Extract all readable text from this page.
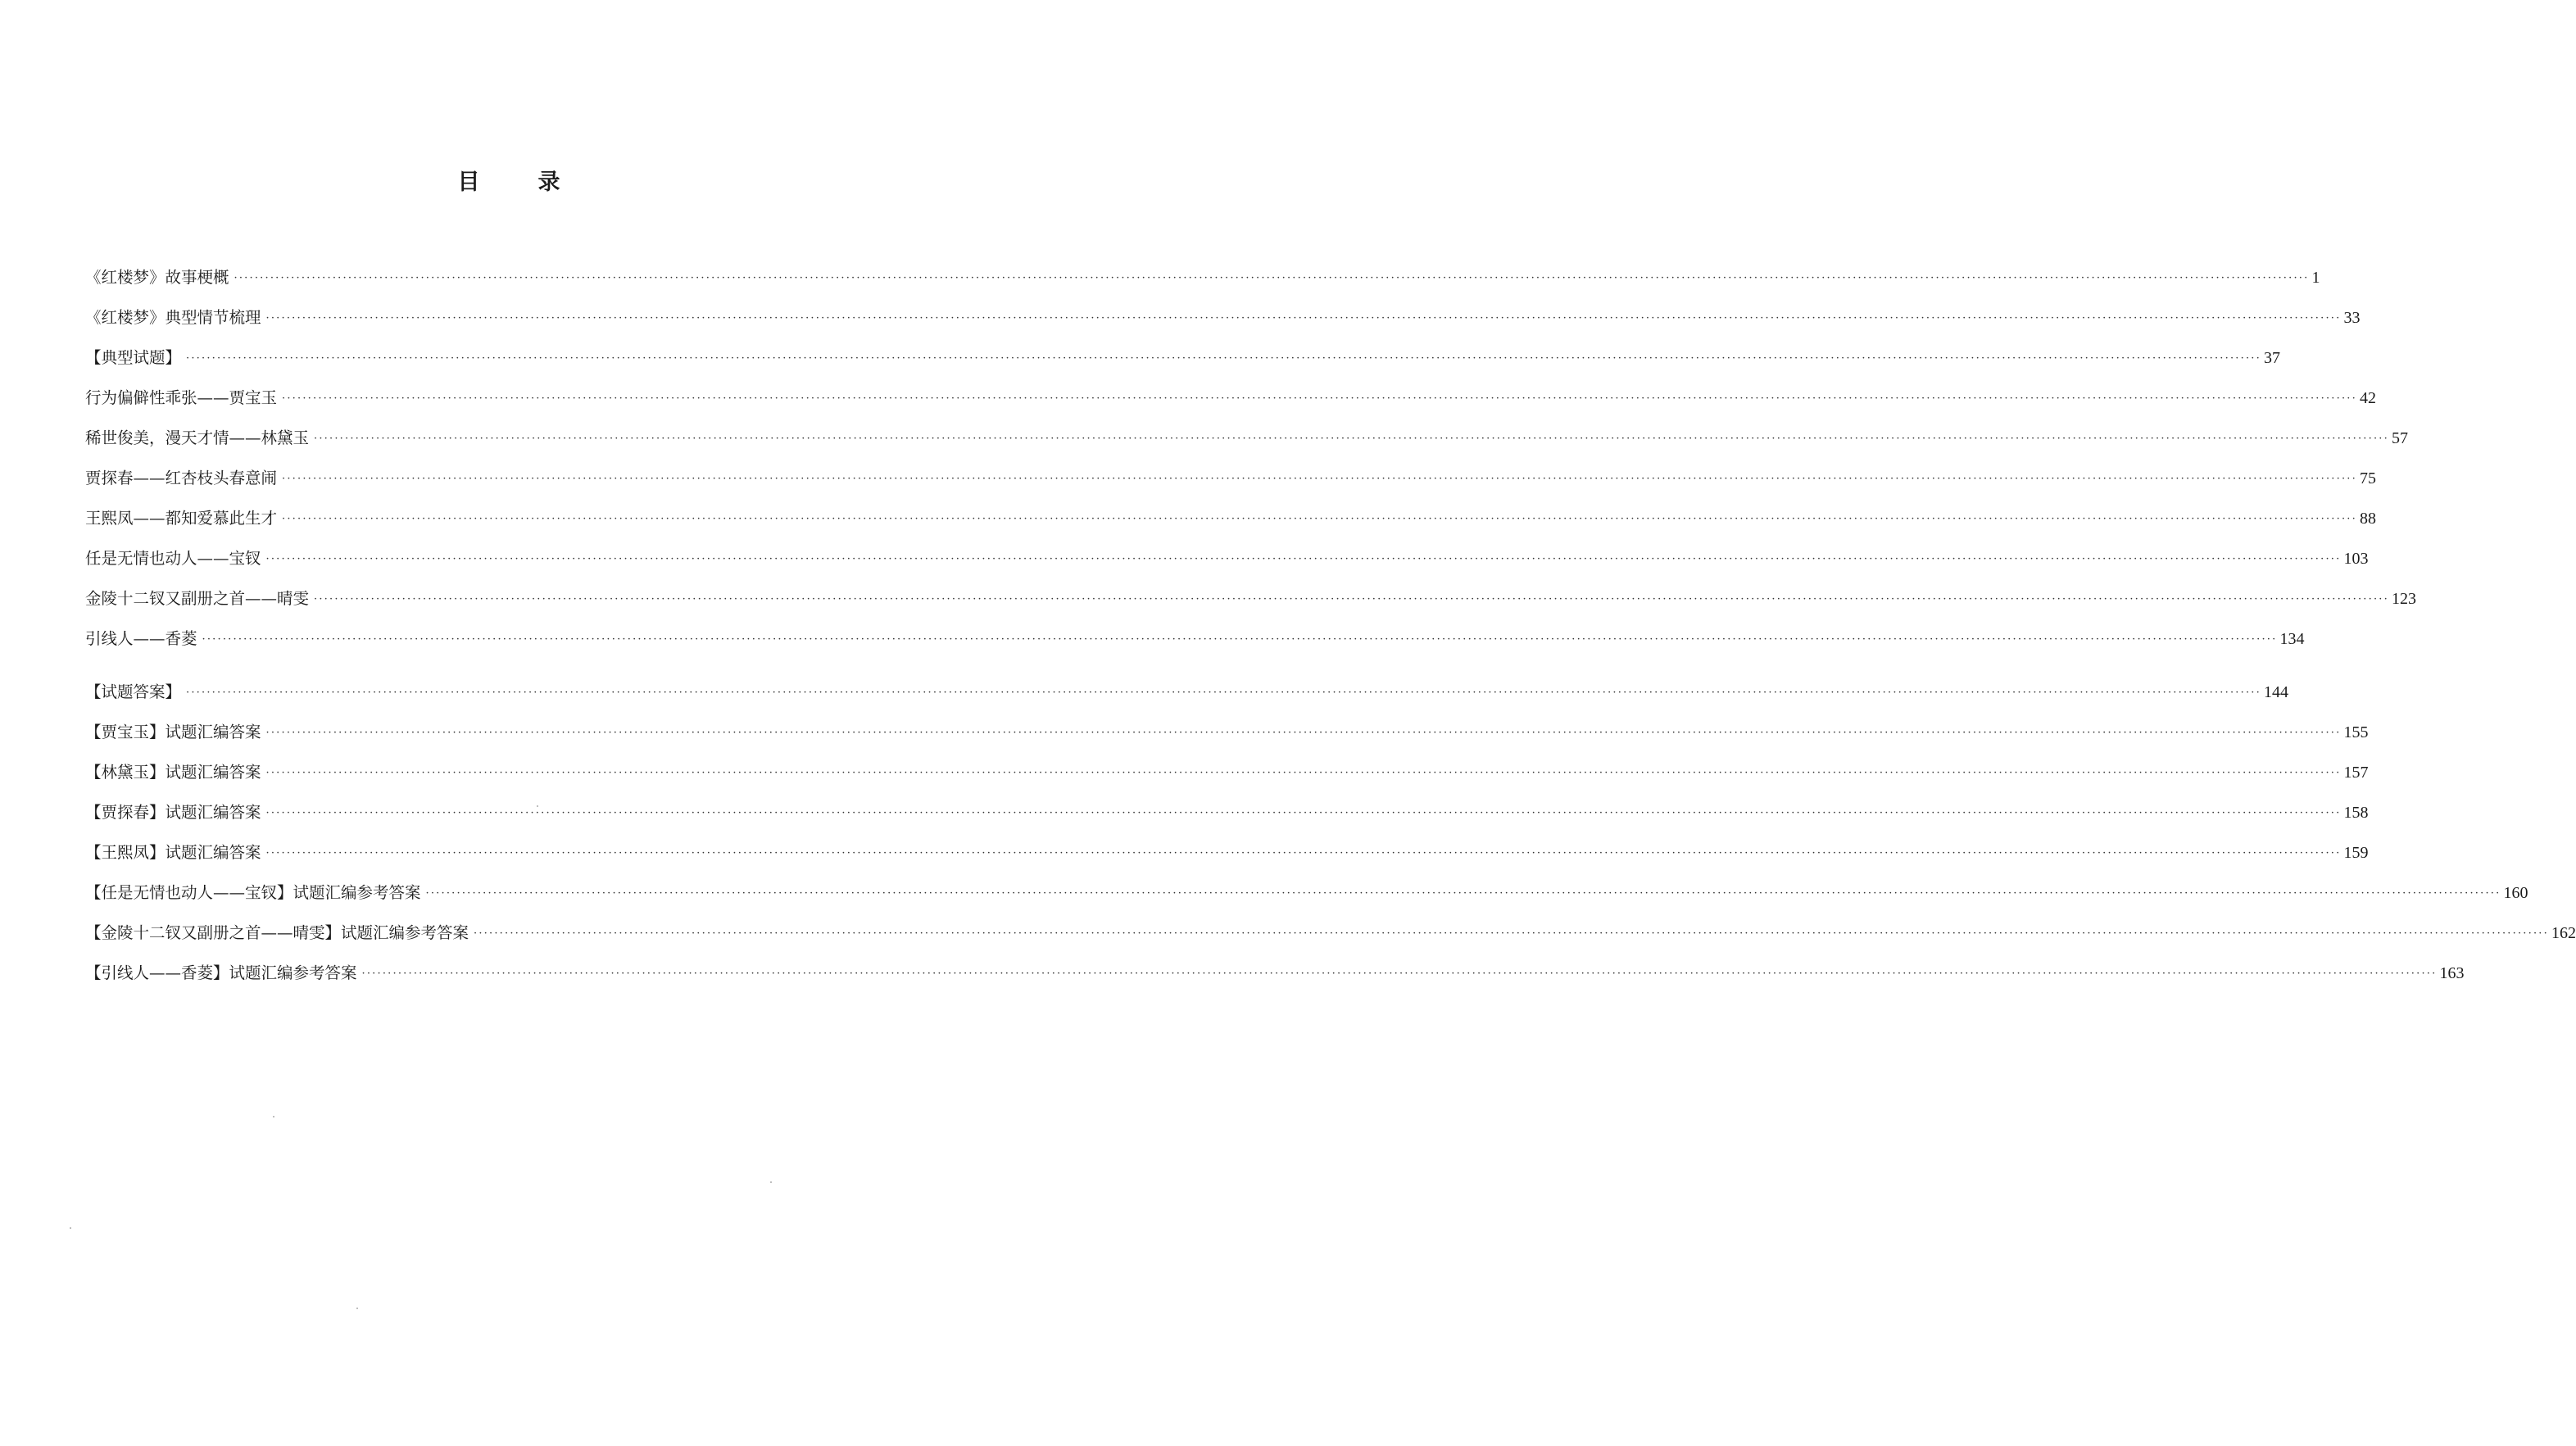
目　录
《红楼梦》故事梗概 ················································································································································································································································································································································································································ 1
《红楼梦》典型情节梳理 ················································································································································································································································································································································································································ 33
【典型试题】 ················································································································································································································································································································································································································ 37
行为偏僻性乖张——贾宝玉 ················································································································································································································································································································································································································ 42
稀世俊美，漫天才情——林黛玉 ················································································································································································································································································································································································································ 57
贾探春——红杏枝头春意闹 ················································································································································································································································································································································································································ 75
王熙凤——都知爱慕此生才 ················································································································································································································································································································································································································ 88
任是无情也动人——宝钗 ················································································································································································································································································································································································································ 103
金陵十二钗又副册之首——晴雯 ················································································································································································································································································································································································································ 123
引线人——香菱 ················································································································································································································································································································································································································ 134
【试题答案】 ················································································································································································································································································································································································································ 144
【贾宝玉】试题汇编答案 ················································································································································································································································································································································································································ 155
【林黛玉】试题汇编答案 ················································································································································································································································································································································································································ 157
【贾探春】试题汇编答案 ················································································································································································································································································································································································································ 158
【王熙凤】试题汇编答案 ················································································································································································································································································································································································································ 159
【任是无情也动人——宝钗】试题汇编参考答案 ················································································································································································································································································································································································································ 160
【金陵十二钗又副册之首——晴雯】试题汇编参考答案 ················································································································································································································································································································································································································ 162
【引线人——香菱】试题汇编参考答案 ················································································································································································································································································································································································································ 163
